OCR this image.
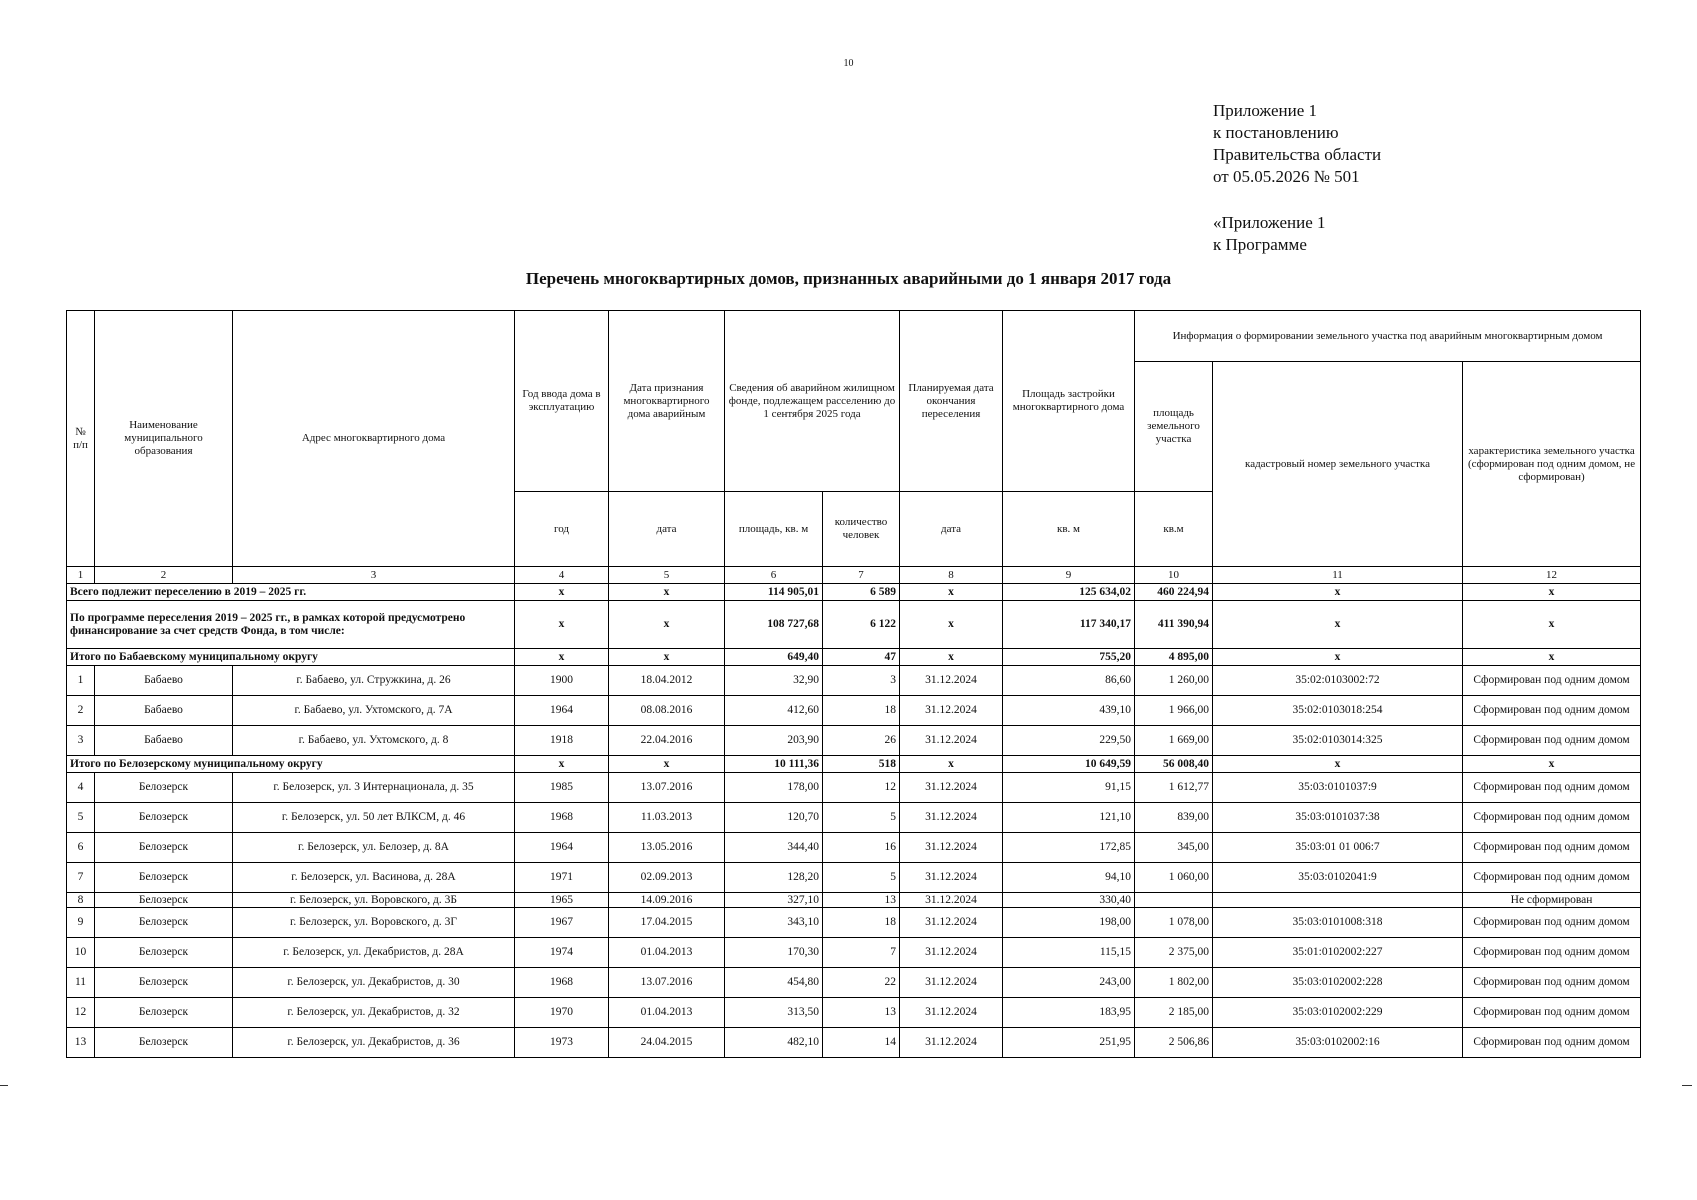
10
Приложение 1
к постановлению
Правительства области
от 05.05.2026 № 501
«Приложение 1
к Программе
Перечень многоквартирных домов, признанных аварийными до 1 января 2017 года
№ п/п	Наименование муниципального образования	Адрес многоквартирного дома	Год ввода дома в эксплуатацию	Дата признания многоквартирного дома аварийным	Сведения об аварийном жилищном фонде, подлежащем расселению до 1 сентября 2025 года		Планируемая дата окончания переселения	Площадь застройки многоквартирного дома	Информация о формировании земельного участка под аварийным многоквартирным домом		
									площадь земельного участка	кадастровый номер земельного участка	характеристика земельного участка (сформирован под одним домом, не сформирован)
			год	дата	площадь, кв. м	количество человек	дата	кв. м	кв.м		
1	2	3	4	5	6	7	8	9	10	11	12
Всего подлежит переселению в 2019 – 2025 гг.			х	х	114 905,01	6 589	х	125 634,02	460 224,94	х	х
По программе переселения 2019 – 2025 гг., в рамках которой предусмотрено финансирование за счет средств Фонда, в том числе:			х	х	108 727,68	6 122	х	117 340,17	411 390,94	х	х
Итого по Бабаевскому муниципальному округу			х	х	649,40	47	х	755,20	4 895,00	х	х
1	Бабаево	г. Бабаево, ул. Стружкина, д. 26	1900	18.04.2012	32,90	3	31.12.2024	86,60	1 260,00	35:02:0103002:72	Сформирован под одним домом
2	Бабаево	г. Бабаево, ул. Ухтомского, д. 7А	1964	08.08.2016	412,60	18	31.12.2024	439,10	1 966,00	35:02:0103018:254	Сформирован под одним домом
3	Бабаево	г. Бабаево, ул. Ухтомского, д. 8	1918	22.04.2016	203,90	26	31.12.2024	229,50	1 669,00	35:02:0103014:325	Сформирован под одним домом
Итого по Белозерскому муниципальному округу			х	х	10 111,36	518	х	10 649,59	56 008,40	х	х
4	Белозерск	г. Белозерск, ул. 3 Интернационала, д. 35	1985	13.07.2016	178,00	12	31.12.2024	91,15	1 612,77	35:03:0101037:9	Сформирован под одним домом
5	Белозерск	г. Белозерск, ул. 50 лет ВЛКСМ, д. 46	1968	11.03.2013	120,70	5	31.12.2024	121,10	839,00	35:03:0101037:38	Сформирован под одним домом
6	Белозерск	г. Белозерск, ул. Белозер, д. 8А	1964	13.05.2016	344,40	16	31.12.2024	172,85	345,00	35:03:01 01 006:7	Сформирован под одним домом
7	Белозерск	г. Белозерск, ул. Васинова, д. 28А	1971	02.09.2013	128,20	5	31.12.2024	94,10	1 060,00	35:03:0102041:9	Сформирован под одним домом
8	Белозерск	г. Белозерск, ул. Воровского, д. 3Б	1965	14.09.2016	327,10	13	31.12.2024	330,40			Не сформирован
9	Белозерск	г. Белозерск, ул. Воровского, д. 3Г	1967	17.04.2015	343,10	18	31.12.2024	198,00	1 078,00	35:03:0101008:318	Сформирован под одним домом
10	Белозерск	г. Белозерск, ул. Декабристов, д. 28А	1974	01.04.2013	170,30	7	31.12.2024	115,15	2 375,00	35:01:0102002:227	Сформирован под одним домом
11	Белозерск	г. Белозерск, ул. Декабристов, д. 30	1968	13.07.2016	454,80	22	31.12.2024	243,00	1 802,00	35:03:0102002:228	Сформирован под одним домом
12	Белозерск	г. Белозерск, ул. Декабристов, д. 32	1970	01.04.2013	313,50	13	31.12.2024	183,95	2 185,00	35:03:0102002:229	Сформирован под одним домом
13	Белозерск	г. Белозерск, ул. Декабристов, д. 36	1973	24.04.2015	482,10	14	31.12.2024	251,95	2 506,86	35:03:0102002:16	Сформирован под одним домом
